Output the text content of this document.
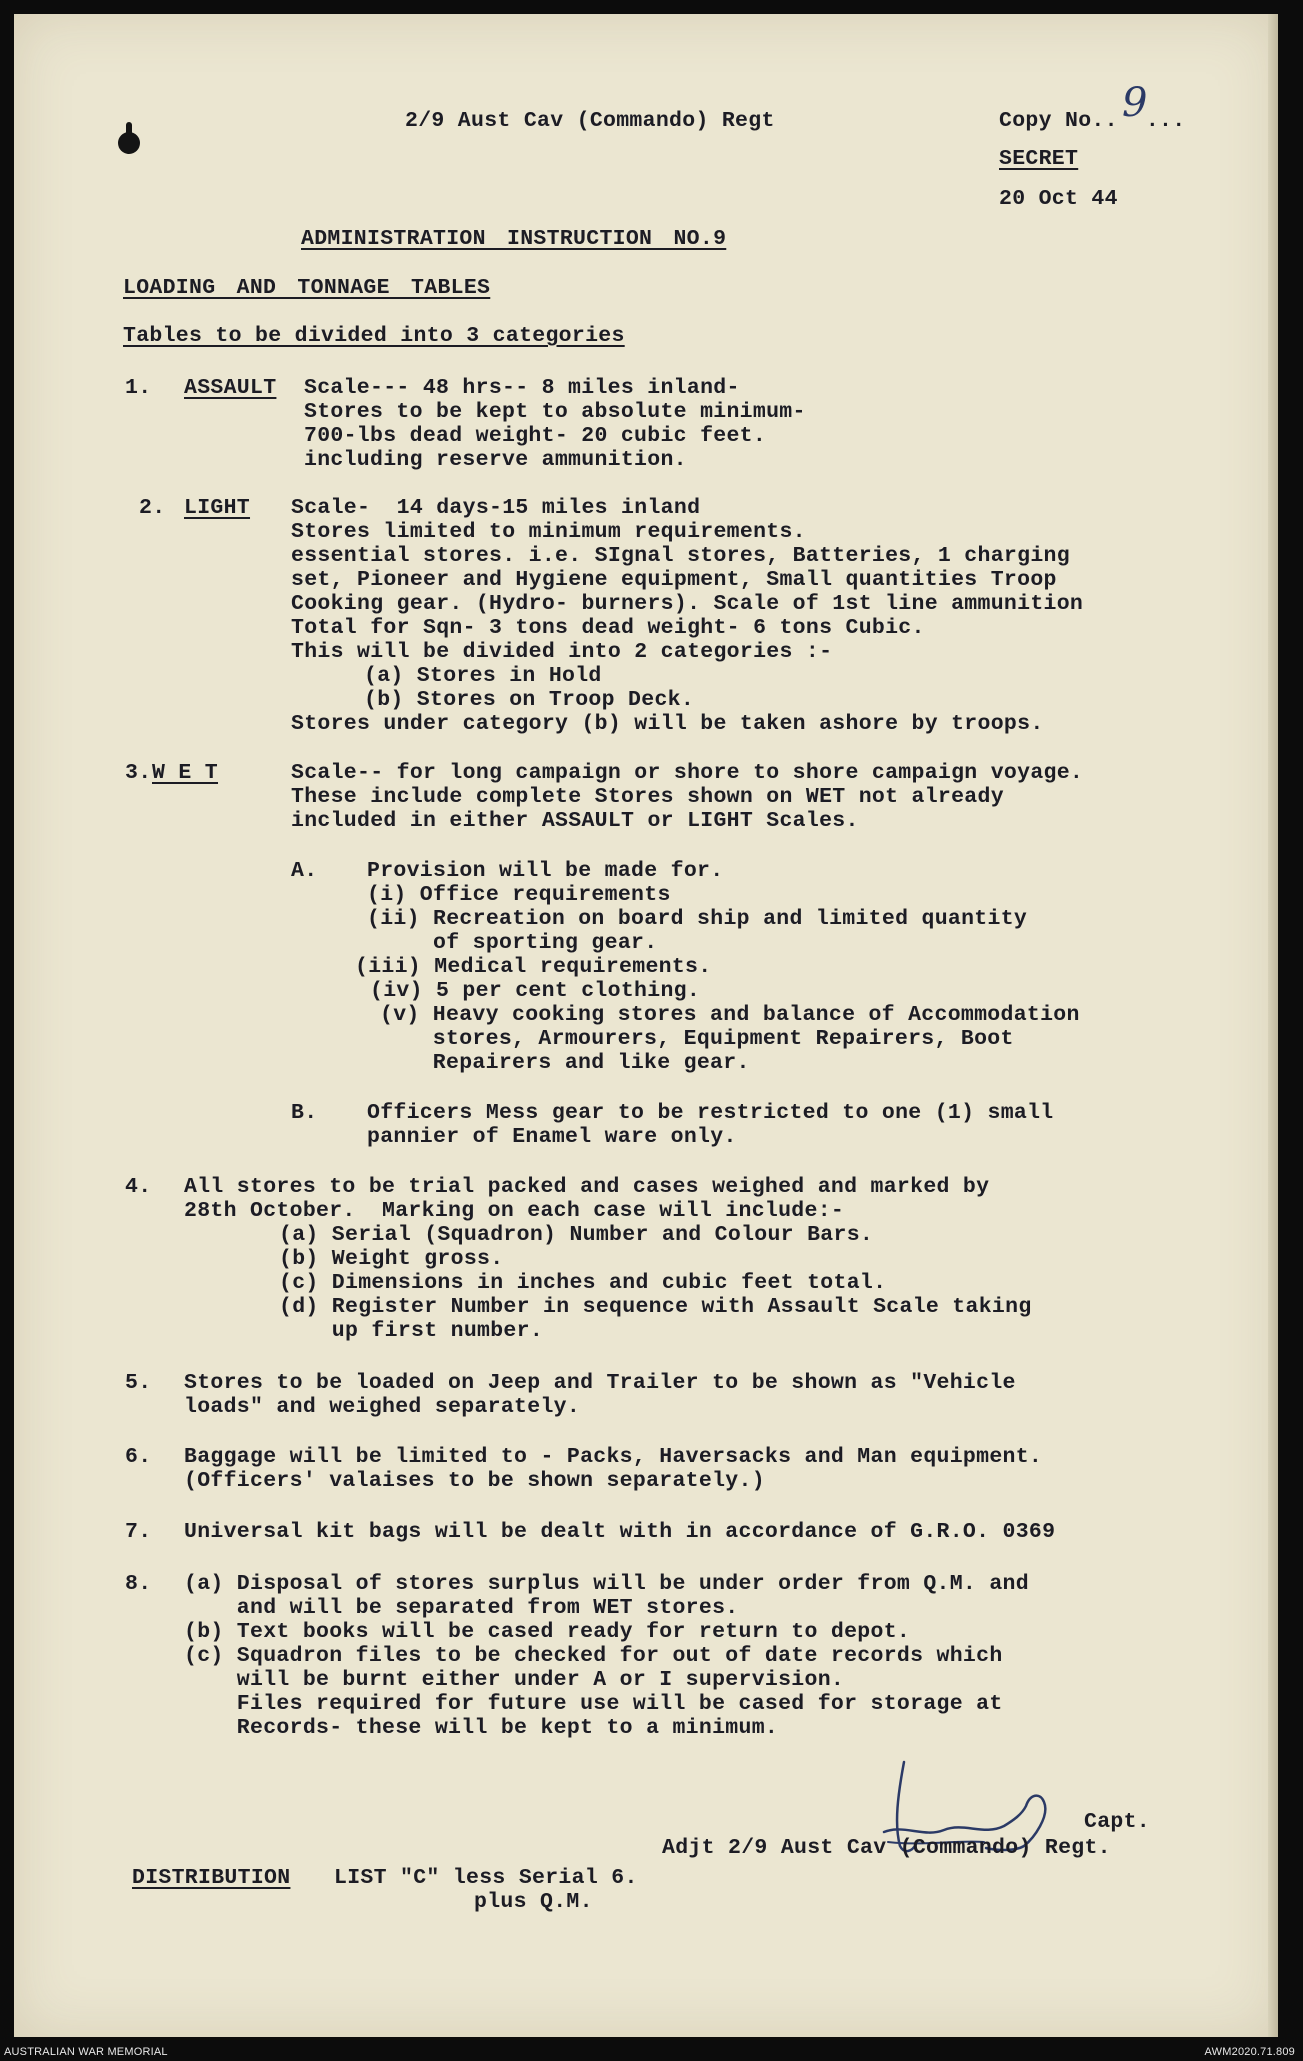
2/9 Aust Cav (Commando) Regt	Copy No.. ...
9
SECRET
20 Oct 44
ADMINISTRATION INSTRUCTION NO.9
LOADING AND TONNAGE TABLES
Tables to be divided into 3 categories
1. ASSAULT Scale--- 48 hrs-- 8 miles inland-
Stores to be kept to absolute minimum-
700-lbs dead weight- 20 cubic feet.
including reserve ammunition.
2. LIGHT Scale-  14 days-15 miles inland
Stores limited to minimum requirements.
essential stores. i.e. SIgnal stores, Batteries, 1 charging
set, Pioneer and Hygiene equipment, Small quantities Troop
Cooking gear. (Hydro- burners). Scale of 1st line ammunition
Total for Sqn- 3 tons dead weight- 6 tons Cubic.
This will be divided into 2 categories :-
(a) Stores in Hold
(b) Stores on Troop Deck.
Stores under category (b) will be taken ashore by troops.
3. W E T	Scale-- for long campaign or shore to shore campaign voyage.
These include complete Stores shown on WET not already
included in either ASSAULT or LIGHT Scales.
A. Provision will be made for.
(i) Office requirements
(ii) Recreation on board ship and limited quantity
of sporting gear.
(iii) Medical requirements.
(iv) 5 per cent clothing.
(v) Heavy cooking stores and balance of Accommodation
stores, Armourers, Equipment Repairers, Boot
Repairers and like gear.
B. Officers Mess gear to be restricted to one (1) small
pannier of Enamel ware only.
4. All stores to be trial packed and cases weighed and marked by
28th October.  Marking on each case will include:-
(a) Serial (Squadron) Number and Colour Bars.
(b) Weight gross.
(c) Dimensions in inches and cubic feet total.
(d) Register Number in sequence with Assault Scale taking
up first number.
5. Stores to be loaded on Jeep and Trailer to be shown as "Vehicle
loads" and weighed separately.
6. Baggage will be limited to - Packs, Haversacks and Man equipment.
(Officers' valaises to be shown separately.)
7. Universal kit bags will be dealt with in accordance of G.R.O. 0369
8. (a) Disposal of stores surplus will be under order from Q.M. and
and will be separated from WET stores.
(b) Text books will be cased ready for return to depot.
(c) Squadron files to be checked for out of date records which
will be burnt either under A or I supervision.
Files required for future use will be cased for storage at
Records- these will be kept to a minimum.
Capt.
Adjt 2/9 Aust Cav (Commando) Regt.
DISTRIBUTION LIST "C" less Serial 6.
plus Q.M.
AUSTRALIAN WAR MEMORIAL	AWM2020.71.809
